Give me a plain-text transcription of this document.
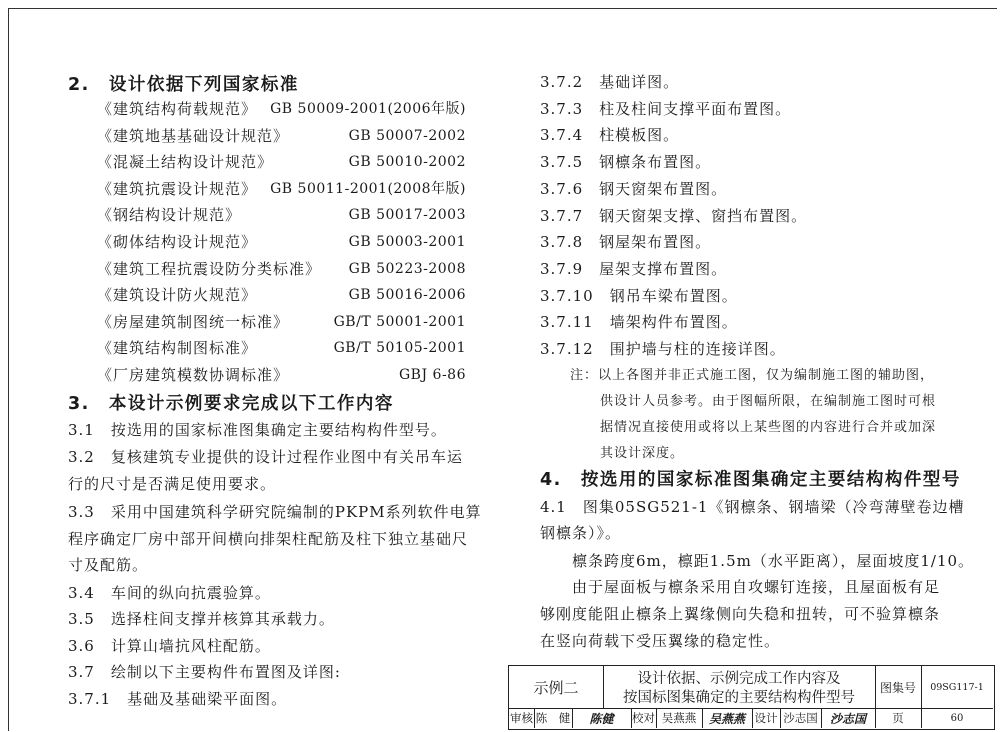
2.　设计依据下列国家标准
《建筑结构荷载规范》 GB 50009-2001(2006年版)
《建筑地基基础设计规范》	GB 50007-2002
《混凝土结构设计规范》	GB 50010-2002
《建筑抗震设计规范》 GB 50011-2001(2008年版)
《钢结构设计规范》	GB 50017-2003
《砌体结构设计规范》	GB 50003-2001
《建筑工程抗震设防分类标准》	GB 50223-2008
《建筑设计防火规范》	GB 50016-2006
《房屋建筑制图统一标准》	GB/T 50001-2001
《建筑结构制图标准》	GB/T 50105-2001
《厂房建筑模数协调标准》	GBJ 6-86
3.　本设计示例要求完成以下工作内容
3.1　按选用的国家标准图集确定主要结构构件型号。
3.2　复核建筑专业提供的设计过程作业图中有关吊车运
行的尺寸是否满足使用要求。
3.3　采用中国建筑科学研究院编制的PKPM系列软件电算
程序确定厂房中部开间横向排架柱配筋及柱下独立基础尺
寸及配筋。
3.4　车间的纵向抗震验算。
3.5　选择柱间支撑并核算其承载力。
3.6　计算山墙抗风柱配筋。
3.7　绘制以下主要构件布置图及详图:
3.7.1　基础及基础梁平面图。
3.7.2　基础详图。
3.7.3　柱及柱间支撑平面布置图。
3.7.4　柱模板图。
3.7.5　钢檩条布置图。
3.7.6　钢天窗架布置图。
3.7.7　钢天窗架支撑、窗挡布置图。
3.7.8　钢屋架布置图。
3.7.9　屋架支撑布置图。
3.7.10　钢吊车梁布置图。
3.7.11　墙架构件布置图。
3.7.12　围护墙与柱的连接详图。
注：以上各图并非正式施工图，仅为编制施工图的辅助图，
供设计人员参考。由于图幅所限，在编制施工图时可根
据情况直接使用或将以上某些图的内容进行合并或加深
其设计深度。
4.　按选用的国家标准图集确定主要结构构件型号
4.1　图集05SG521-1《钢檩条、钢墙梁（冷弯薄壁卷边槽
钢檩条）》。
　　檩条跨度6m，檩距1.5m（水平距离），屋面坡度1/10。
　　由于屋面板与檩条采用自攻螺钉连接，且屋面板有足
够刚度能阻止檩条上翼缘侧向失稳和扭转，可不验算檩条
在竖向荷载下受压翼缘的稳定性。
示例二	设计依据、示例完成工作内容及
按国标图集确定的主要结构构件型号
图集号	09SG117-1
审核 陈　健	陈健	校对 吴燕燕	吴燕燕 设计 沙志国	沙志国	页	60
